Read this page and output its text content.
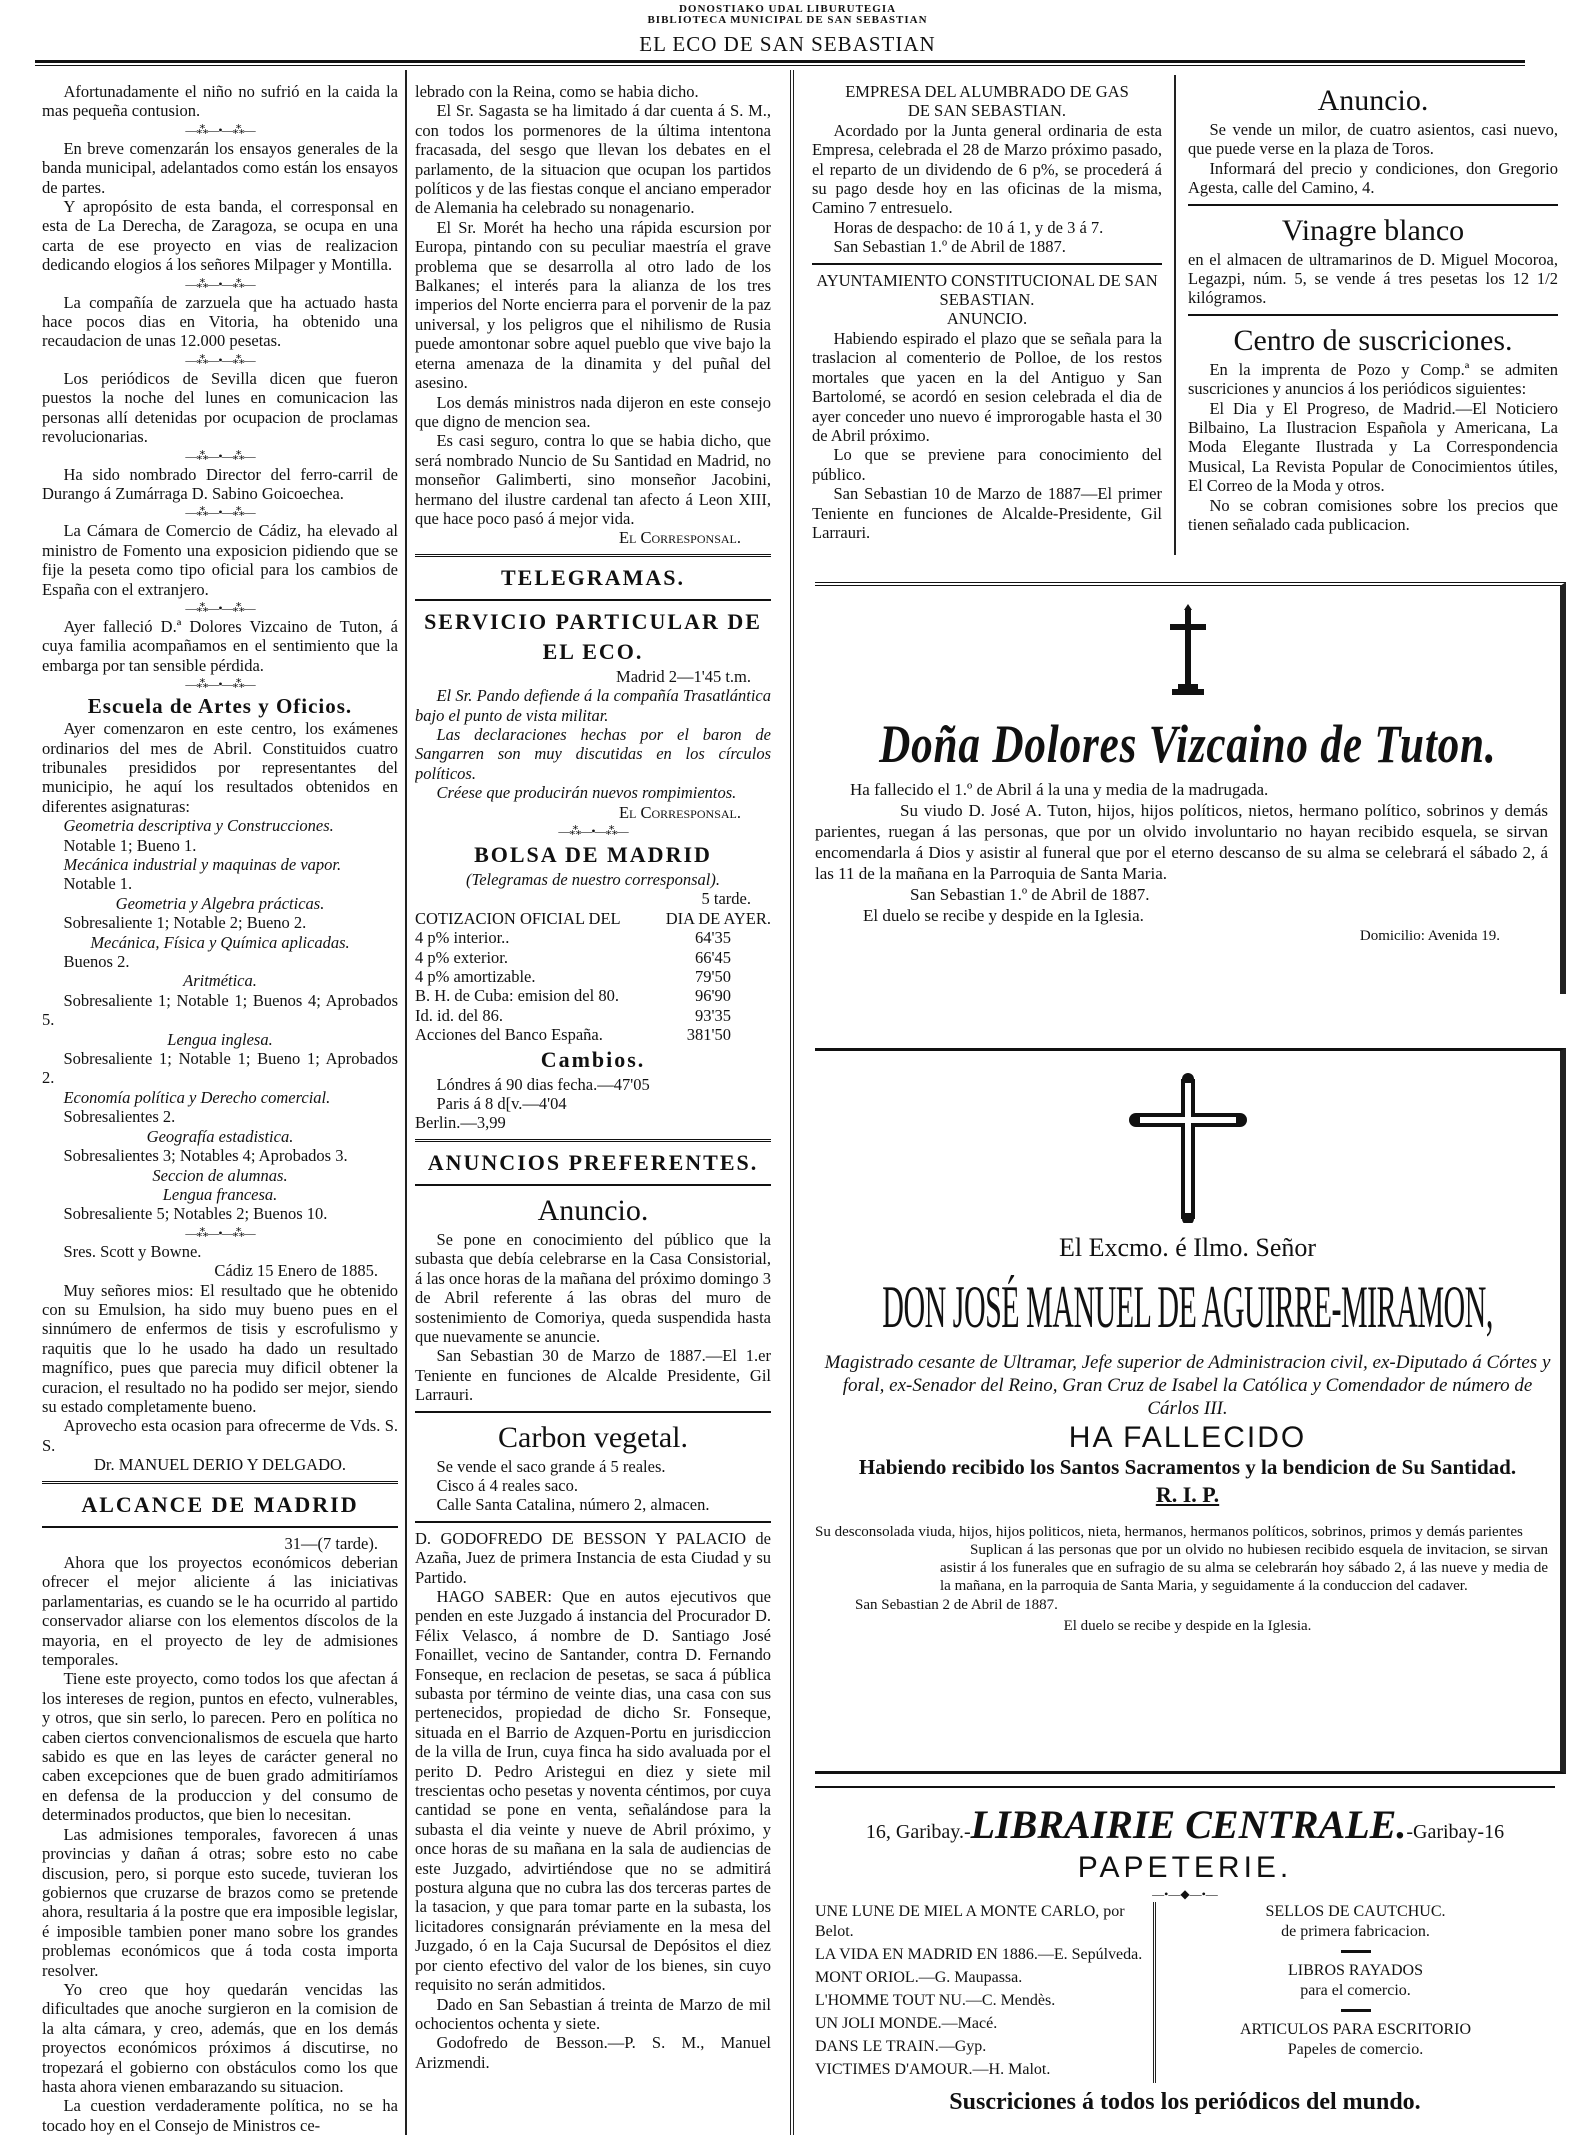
DONOSTIAKO UDAL LIBURUTEGIA
BIBLIOTECA MUNICIPAL DE SAN SEBASTIAN
EL ECO DE SAN SEBASTIAN

Afortunadamente el niño no sufrió en la caida la mas pequeña contusion.

—⁂—•—⁂—

En breve comenzarán los ensayos generales de la banda municipal, adelantados como están los ensayos de partes.

Y apropósito de esta banda, el corresponsal en esta de La Derecha, de Zaragoza, se ocupa en una carta de ese proyecto en vias de realizacion dedicando elogios á los señores Milpager y Montilla.

—⁂—•—⁂—

La compañía de zarzuela que ha actuado hasta hace pocos dias en Vitoria, ha obtenido una recaudacion de unas 12.000 pesetas.

—⁂—•—⁂—

Los periódicos de Sevilla dicen que fueron puestos la noche del lunes en comunicacion las personas allí detenidas por ocupacion de proclamas revolucionarias.

—⁂—•—⁂—

Ha sido nombrado Director del ferro-carril de Durango á Zumárraga D. Sabino Goicoechea.

—⁂—•—⁂—

La Cámara de Comercio de Cádiz, ha elevado al ministro de Fomento una exposicion pidiendo que se fije la peseta como tipo oficial para los cambios de España con el extranjero.

—⁂—•—⁂—

Ayer falleció D.ª Dolores Vizcaino de Tuton, á cuya familia acompañamos en el sentimiento que la embarga por tan sensible pérdida.

—⁂—•—⁂—

Escuela de Artes y Oficios.

Ayer comenzaron en este centro, los exámenes ordinarios del mes de Abril. Constituidos cuatro tribunales presididos por representantes del municipio, he aquí los resultados obtenidos en diferentes asignaturas:

Geometria descriptiva y Construcciones.

Notable 1; Bueno 1.

Mecánica industrial y maquinas de vapor.

Notable 1.

Geometria y Algebra prácticas.

Sobresaliente 1; Notable 2; Bueno 2.

Mecánica, Física y Química aplicadas.

Buenos 2.

Aritmética.

Sobresaliente 1; Notable 1; Buenos 4; Aprobados 5.

Lengua inglesa.

Sobresaliente 1; Notable 1; Bueno 1; Aprobados 2.

Economía política y Derecho comercial.

Sobresalientes 2.

Geografía estadistica.

Sobresalientes 3; Notables 4; Aprobados 3.

Seccion de alumnas.

Lengua francesa.

Sobresaliente 5; Notables 2; Buenos 10.

—⁂—•—⁂—

Sres. Scott y Bowne.

Cádiz 15 Enero de 1885.

Muy señores mios: El resultado que he obtenido con su Emulsion, ha sido muy bueno pues en el sinnúmero de enfermos de tisis y escrofulismo y raquitis que lo he usado ha dado un resultado magnífico, pues que parecia muy dificil obtener la curacion, el resultado no ha podido ser mejor, siendo su estado completamente bueno.

Aprovecho esta ocasion para ofrecerme de Vds. S. S.

Dr. MANUEL DERIO Y DELGADO.

ALCANCE DE MADRID

31—(7 tarde).

Ahora que los proyectos económicos deberian ofrecer el mejor aliciente á las iniciativas parlamentarias, es cuando se le ha ocurrido al partido conservador aliarse con los elementos díscolos de la mayoria, en el proyecto de ley de admisiones temporales.

Tiene este proyecto, como todos los que afectan á los intereses de region, puntos en efecto, vulnerables, y otros, que sin serlo, lo parecen. Pero en política no caben ciertos convencionalismos de escuela que harto sabido es que en las leyes de carácter general no caben excepciones que de buen grado admitiríamos en defensa de la produccion y del consumo de determinados productos, que bien lo necesitan.

Las admisiones temporales, favorecen á unas provincias y dañan á otras; sobre esto no cabe discusion, pero, si porque esto sucede, tuvieran los gobiernos que cruzarse de brazos como se pretende ahora, resultaria á la postre que era imposible legislar, é imposible tambien poner mano sobre los grandes problemas económicos que á toda costa importa resolver.

Yo creo que hoy quedarán vencidas las dificultades que anoche surgieron en la comision de la alta cámara, y creo, además, que en los demás proyectos económicos próximos á discutirse, no tropezará el gobierno con obstáculos como los que hasta ahora vienen embarazando su situacion.

La cuestion verdaderamente política, no se ha tocado hoy en el Consejo de Ministros ce-

lebrado con la Reina, como se habia dicho.

El Sr. Sagasta se ha limitado á dar cuenta á S. M., con todos los pormenores de la última intentona fracasada, del sesgo que llevan los debates en el parlamento, de la situacion que ocupan los partidos políticos y de las fiestas conque el anciano emperador de Alemania ha celebrado su nonagenario.

El Sr. Morét ha hecho una rápida escursion por Europa, pintando con su peculiar maestría el grave problema que se desarrolla al otro lado de los Balkanes; el interés para la alianza de los tres imperios del Norte encierra para el porvenir de la paz universal, y los peligros que el nihilismo de Rusia puede amontonar sobre aquel pueblo que vive bajo la eterna amenaza de la dinamita y del puñal del asesino.

Los demás ministros nada dijeron en este consejo que digno de mencion sea.

Es casi seguro, contra lo que se habia dicho, que será nombrado Nuncio de Su Santidad en Madrid, no monseñor Galimberti, sino monseñor Jacobini, hermano del ilustre cardenal tan afecto á Leon XIII, que hace poco pasó á mejor vida.

El Corresponsal.

TELEGRAMAS.

SERVICIO PARTICULAR DE EL ECO.

Madrid 2—1'45 t.m.

El Sr. Pando defiende á la compañía Trasatlántica bajo el punto de vista militar.

Las declaraciones hechas por el baron de Sangarren son muy discutidas en los círculos políticos.

Créese que producirán nuevos rompimientos.

El Corresponsal.

—⁂—•—⁂—

BOLSA DE MADRID

(Telegramas de nuestro corresponsal).

5 tarde.

COTIZACION OFICIAL DEL	DIA DE AYER.
4 p% interior..	64'35
4 p% exterior.	66'45
4 p% amortizable.	79'50
B. H. de Cuba: emision del 80.	96'90
Id. id. del 86.	93'35
Acciones del Banco España.	381'50

Cambios.

Lóndres á 90 dias fecha.—47'05

Paris á 8 d[v.—4'04

Berlin.—3,99

ANUNCIOS PREFERENTES.

Anuncio.

Se pone en conocimiento del público que la subasta que debía celebrarse en la Casa Consistorial, á las once horas de la mañana del próximo domingo 3 de Abril referente á las obras del muro de sostenimiento de Comoriya, queda suspendida hasta que nuevamente se anuncie.

San Sebastian 30 de Marzo de 1887.—El 1.er Teniente en funciones de Alcalde Presidente, Gil Larrauri.

Carbon vegetal.

Se vende el saco grande á 5 reales.

Cisco á 4 reales saco.

Calle Santa Catalina, número 2, almacen.

D. GODOFREDO DE BESSON Y PALACIO de Azaña, Juez de primera Instancia de esta Ciudad y su Partido.

HAGO SABER: Que en autos ejecutivos que penden en este Juzgado á instancia del Procurador D. Félix Velasco, á nombre de D. Santiago José Fonaillet, vecino de Santander, contra D. Fernando Fonseque, en reclacion de pesetas, se saca á pública subasta por término de veinte dias, una casa con sus pertenecidos, propiedad de dicho Sr. Fonseque, situada en el Barrio de Azquen-Portu en jurisdiccion de la villa de Irun, cuya finca ha sido avaluada por el perito D. Pedro Aristegui en diez y siete mil trescientas ocho pesetas y noventa céntimos, por cuya cantidad se pone en venta, señalándose para la subasta el dia veinte y nueve de Abril próximo, y once horas de su mañana en la sala de audiencias de este Juzgado, advirtiéndose que no se admitirá postura alguna que no cubra las dos terceras partes de la tasacion, y que para tomar parte en la subasta, los licitadores consignarán préviamente en la mesa del Juzgado, ó en la Caja Sucursal de Depósitos el diez por ciento efectivo del valor de los bienes, sin cuyo requisito no serán admitidos.

Dado en San Sebastian á treinta de Marzo de mil ochocientos ochenta y siete.

Godofredo de Besson.—P. S. M., Manuel Arizmendi.

EMPRESA DEL ALUMBRADO DE GAS

DE SAN SEBASTIAN.

Acordado por la Junta general ordinaria de esta Empresa, celebrada el 28 de Marzo próximo pasado, el reparto de un dividendo de 6 p%, se procederá á su pago desde hoy en las oficinas de la misma, Camino 7 entresuelo.

Horas de despacho: de 10 á 1, y de 3 á 7.

San Sebastian 1.º de Abril de 1887.

AYUNTAMIENTO CONSTITUCIONAL DE SAN SEBASTIAN.

ANUNCIO.

Habiendo espirado el plazo que se señala para la traslacion al comenterio de Polloe, de los restos mortales que yacen en la del Antiguo y San Bartolomé, se acordó en sesion celebrada el dia de ayer conceder uno nuevo é improrogable hasta el 30 de Abril próximo.

Lo que se previene para conocimiento del público.

San Sebastian 10 de Marzo de 1887—El primer Teniente en funciones de Alcalde-Presidente, Gil Larrauri.

Anuncio.

Se vende un milor, de cuatro asientos, casi nuevo, que puede verse en la plaza de Toros.

Informará del precio y condiciones, don Gregorio Agesta, calle del Camino, 4.

Vinagre blanco

en el almacen de ultramarinos de D. Miguel Mocoroa, Legazpi, núm. 5, se vende á tres pesetas los 12 1/2 kilógramos.

Centro de suscriciones.

En la imprenta de Pozo y Comp.ª se admiten suscriciones y anuncios á los periódicos siguientes:

El Dia y El Progreso, de Madrid.—El Noticiero Bilbaino, La Ilustracion Española y Americana, La Moda Elegante Ilustrada y La Correspondencia Musical, La Revista Popular de Conocimientos útiles, El Correo de la Moda y otros.

No se cobran comisiones sobre los precios que tienen señalado cada publicacion.

Doña Dolores Vizcaino de Tuton.

Ha fallecido el 1.º de Abril á la una y media de la madrugada.

Su viudo D. José A. Tuton, hijos, hijos políticos, nietos, hermano político, sobrinos y demás parientes, ruegan á las personas, que por un olvido involuntario no hayan recibido esquela, se sirvan encomendarla á Dios y asistir al funeral que por el eterno descanso de su alma se celebrará el sábado 2, á las 11 de la mañana en la Parroquia de Santa Maria.

San Sebastian 1.º de Abril de 1887.

El duelo se recibe y despide en la Iglesia.

Domicilio: Avenida 19.

El Excmo. é Ilmo. Señor
DON JOSÉ MANUEL DE AGUIRRE-MIRAMON,

Magistrado cesante de Ultramar, Jefe superior de Administracion civil, ex-Diputado á Córtes y foral, ex-Senador del Reino, Gran Cruz de Isabel la Católica y Comendador de número de Cárlos III.

HA FALLECIDO

Habiendo recibido los Santos Sacramentos y la bendicion de Su Santidad.

R. I. P.

Su desconsolada viuda, hijos, hijos politicos, nieta, hermanos, hermanos políticos, sobrinos, primos y demás parientes

Suplican á las personas que por un olvido no hubiesen recibido esquela de invitacion, se sirvan asistir á los funerales que en sufragio de su alma se celebrarán hoy sábado 2, á las nueve y media de la mañana, en la parroquia de Santa Maria, y seguidamente á la conduccion del cadaver.

San Sebastian 2 de Abril de 1887.

El duelo se recibe y despide en la Iglesia.

16, Garibay.- LIBRAIRIE CENTRALE. -Garibay-16
PAPETERIE.
—•—◆—•—
UNE LUNE DE MIEL A MONTE CARLO, por Belot.
LA VIDA EN MADRID EN 1886.—E. Sepúlveda.
MONT ORIOL.—G. Maupassa.
L'HOMME TOUT NU.—C. Mendès.
UN JOLI MONDE.—Macé.
DANS LE TRAIN.—Gyp.
VICTIMES D'AMOUR.—H. Malot.
SELLOS DE CAUTCHUC.
de primera fabricacion.
LIBROS RAYADOS
para el comercio.
ARTICULOS PARA ESCRITORIO
Papeles de comercio.
Suscriciones á todos los periódicos del mundo.
